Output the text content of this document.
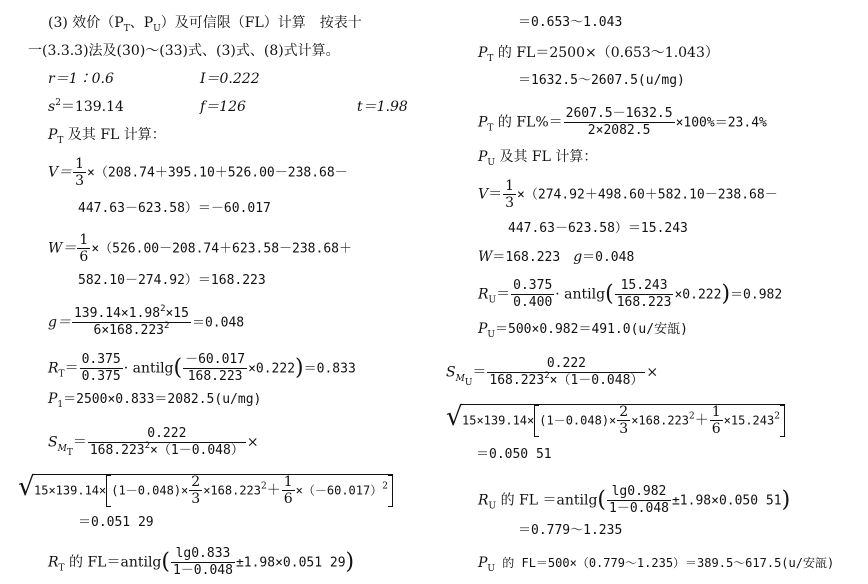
(3) 效价（$P_T$、$P_U$）及可信限（FL）计算　按表十
一(3.3.3)法及(30)～(33)式、(3)式、(8)式计算。
r＝1∶0.6	I＝0.222
$s^2=139.14$	f＝126	t＝1.98
$P_T$ 及其 FL 计算：
$V= \frac{1}{3} \times(208.74+395.10+526.00-238.68-$
447.63－623.58）＝－60.017
$W= \frac{1}{6} \times(526.00-208.74+623.58-238.68+$
582.10－274.92）＝168.223
$g= \frac{139.14\times 1.98^2\times 15}{6\times 168.223^2} =0.048$
$R_T= \frac{0.375}{0.375}$ · antilg( $\frac{-60.017}{168.223} \times 0.222)=0.833$
$P_1=2500\times 0.833=2082.5(u/mg)$
$S_{M_T}= \frac{0.222}{168.223^2\times(1-0.048)}$ ×
√ $15\times 139.14\times (1-0.048)\times \frac{2}{3} \times 168.223^2+ \frac{1}{6} \times(-60.017)^2$
＝0.051 29
$R_T$ 的 FL＝antilg( $\frac{\lg 0.833}{1-0.048} \pm 1.98\times 0.051$ 29)
＝0.653～1.043
$P_T$ 的 FL＝2500×（0.653～1.043）
＝1632.5～2607.5(u/mg)
$P_T$ 的 $FL\%= \frac{2607.5-1632.5}{2\times 2082.5} \times 100\%=23.4\%$
$P_U$ 及其 FL 计算：
$V= \frac{1}{3} \times(274.92+498.60+582.10-238.68-$
447.63－623.58）＝15.243
W＝168.223　g＝0.048
$R_U= \frac{0.375}{0.400}$ · antilg( $\frac{15.243}{168.223} \times 0.222)=0.982$
$P_U=500\times 0.982=491.0(u/$安瓿)
$S_{M_U}= \frac{0.222}{168.223^2\times(1-0.048)}$ ×
√ $15\times 139.14\times (1-0.048)\times \frac{2}{3} \times 168.223^2+ \frac{1}{6} \times 15.243^2$
＝0.050 51
$R_U$ 的 FL ＝antilg( $\frac{\lg 0.982}{1-0.048} \pm 1.98\times 0.050$ 51)
＝0.779～1.235
$P_U$ 的 FL＝500×（0.779～1.235）＝389.5～617.5(u/安瓿)
